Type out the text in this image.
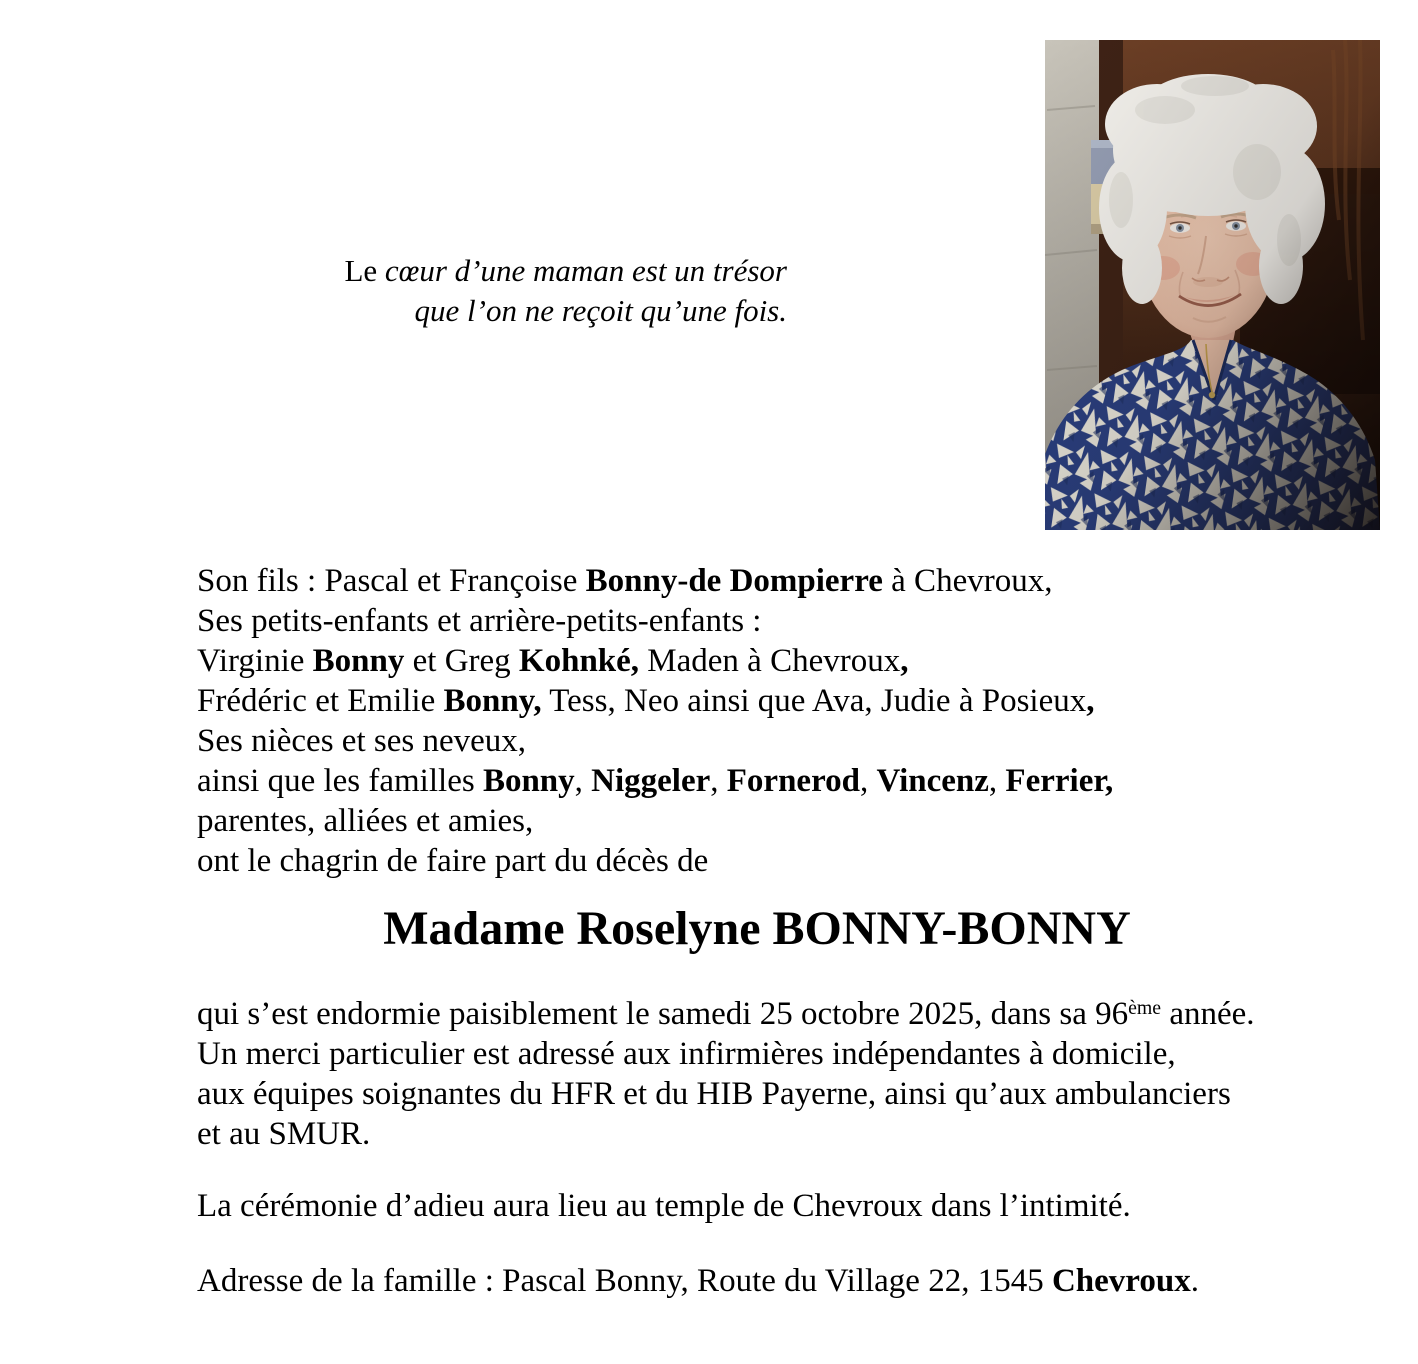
Le cœur d’une maman est un trésor
que l’on ne reçoit qu’une fois.
Son fils : Pascal et Françoise Bonny-de Dompierre à Chevroux,
Ses petits-enfants et arrière-petits-enfants :
Virginie Bonny et Greg Kohnké, Maden à Chevroux,
Frédéric et Emilie Bonny, Tess, Neo ainsi que Ava, Judie à Posieux,
Ses nièces et ses neveux,
ainsi que les familles Bonny, Niggeler, Fornerod, Vincenz, Ferrier,
parentes, alliées et amies,
ont le chagrin de faire part du décès de
Madame Roselyne BONNY-BONNY
qui s’est endormie paisiblement le samedi 25 octobre 2025, dans sa 96ème année.
Un merci particulier est adressé aux infirmières indépendantes à domicile,
aux équipes soignantes du HFR et du HIB Payerne, ainsi qu’aux ambulanciers
et au SMUR.
La cérémonie d’adieu aura lieu au temple de Chevroux dans l’intimité.
Adresse de la famille : Pascal Bonny, Route du Village 22, 1545 Chevroux.
